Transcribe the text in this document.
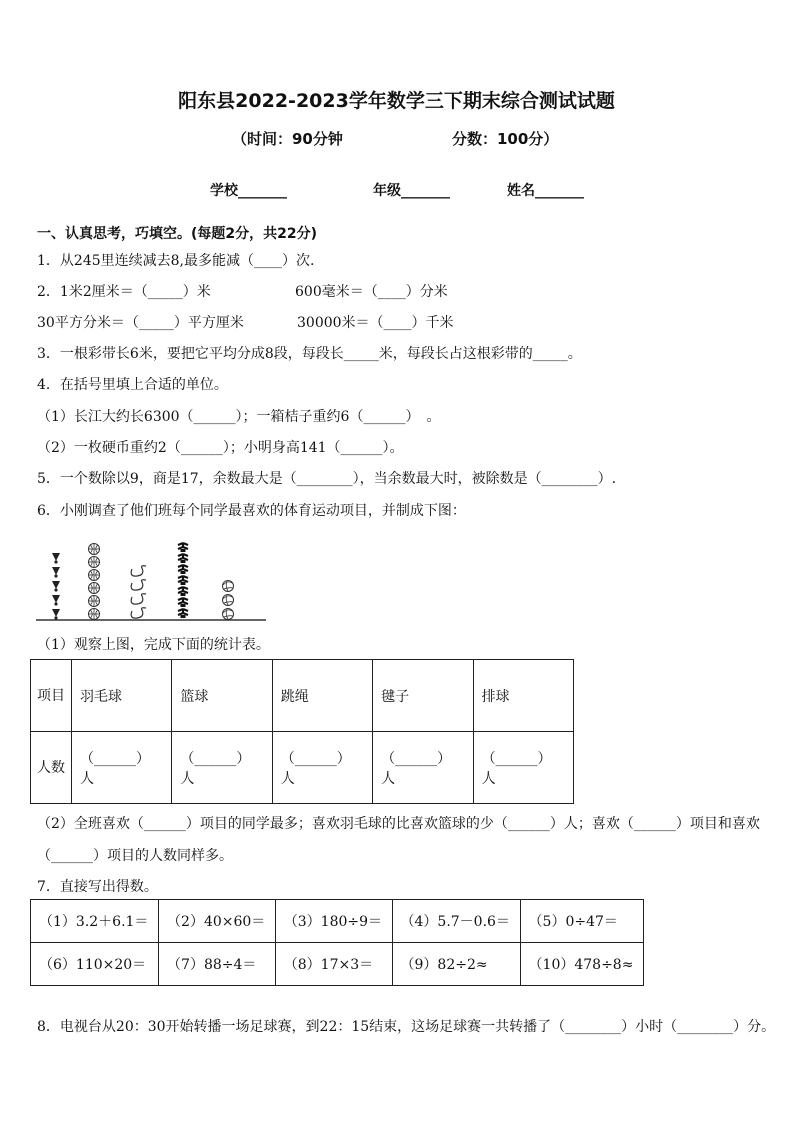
阳东县2022-2023学年数学三下期末综合测试试题
（时间：90分钟	分数：100分）
学校_______	年级_______	姓名_______
一、认真思考，巧填空。(每题2分，共22分)
1．从245里连续减去8,最多能减（____）次.
2．1米2厘米＝（_____）米	600毫米＝（____）分米
30平方分米＝（_____）平方厘米	30000米＝（____）千米
3．一根彩带长6米，要把它平均分成8段，每段长_____米，每段长占这根彩带的_____。
4．在括号里填上合适的单位。
（1）长江大约长6300（______）；一箱桔子重约6（______）　。
（2）一枚硬币重约2（______）；小明身高141（______）。
5．一个数除以9，商是17，余数最大是（________），当余数最大时，被除数是（________）.
6．小刚调查了他们班每个同学最喜欢的体育运动项目，并制成下图：
（1）观察上图，完成下面的统计表。
项目	羽毛球	篮球	跳绳	毽子	排球
人数	（______）人	（______）人	（______）人	（______）人	（______）人
（2）全班喜欢（______）项目的同学最多；喜欢羽毛球的比喜欢篮球的少（______）人；喜欢（______）项目和喜欢
（______）项目的人数同样多。
7．直接写出得数。
（1）3.2＋6.1＝	（2）40×60＝	（3）180÷9＝	（4）5.7－0.6＝	（5）0÷47＝
（6）110×20＝	（7）88÷4＝	（8）17×3＝	（9）82÷2≈	（10）478÷8≈
8．电视台从20：30开始转播一场足球赛，到22：15结束，这场足球赛一共转播了（________）小时（________）分。
